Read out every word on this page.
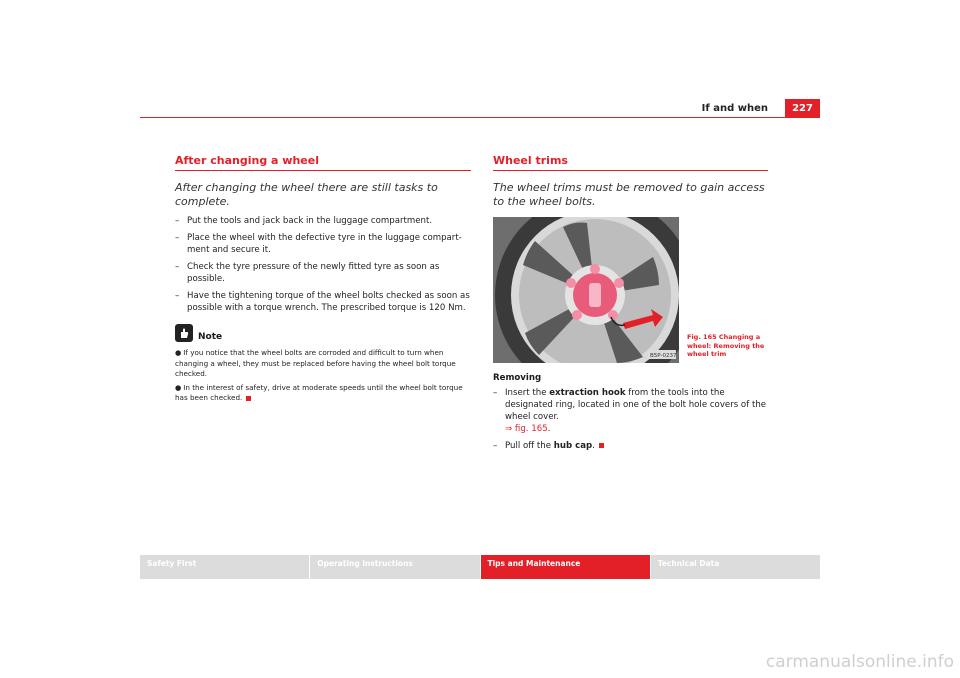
If and when	227
After changing a wheel

After changing the wheel there are still tasks to complete.

– Put the tools and jack back in the luggage compartment.
– Place the wheel with the defective tyre in the luggage compart-ment and secure it.
– Check the tyre pressure of the newly fitted tyre as soon as possible.
– Have the tightening torque of the wheel bolts checked as soon as possible with a torque wrench. The prescribed torque is 120 Nm.
Note
● If you notice that the wheel bolts are corroded and difficult to turn when changing a wheel, they must be replaced before having the wheel bolt torque checked.
● In the interest of safety, drive at moderate speeds until the wheel bolt torque has been checked.
Wheel trims

The wheel trims must be removed to gain access to the wheel bolts.

B5P-0237
Removing
– Insert the extraction hook from the tools into the designated ring, located in one of the bolt hole covers of the wheel cover.
⇒ fig. 165.
– Pull off the hub cap.
Fig. 165 Changing a wheel: Removing the wheel trim
Safety First	Operating instructions	Tips and Maintenance	Technical Data
carmanualsonline.info
